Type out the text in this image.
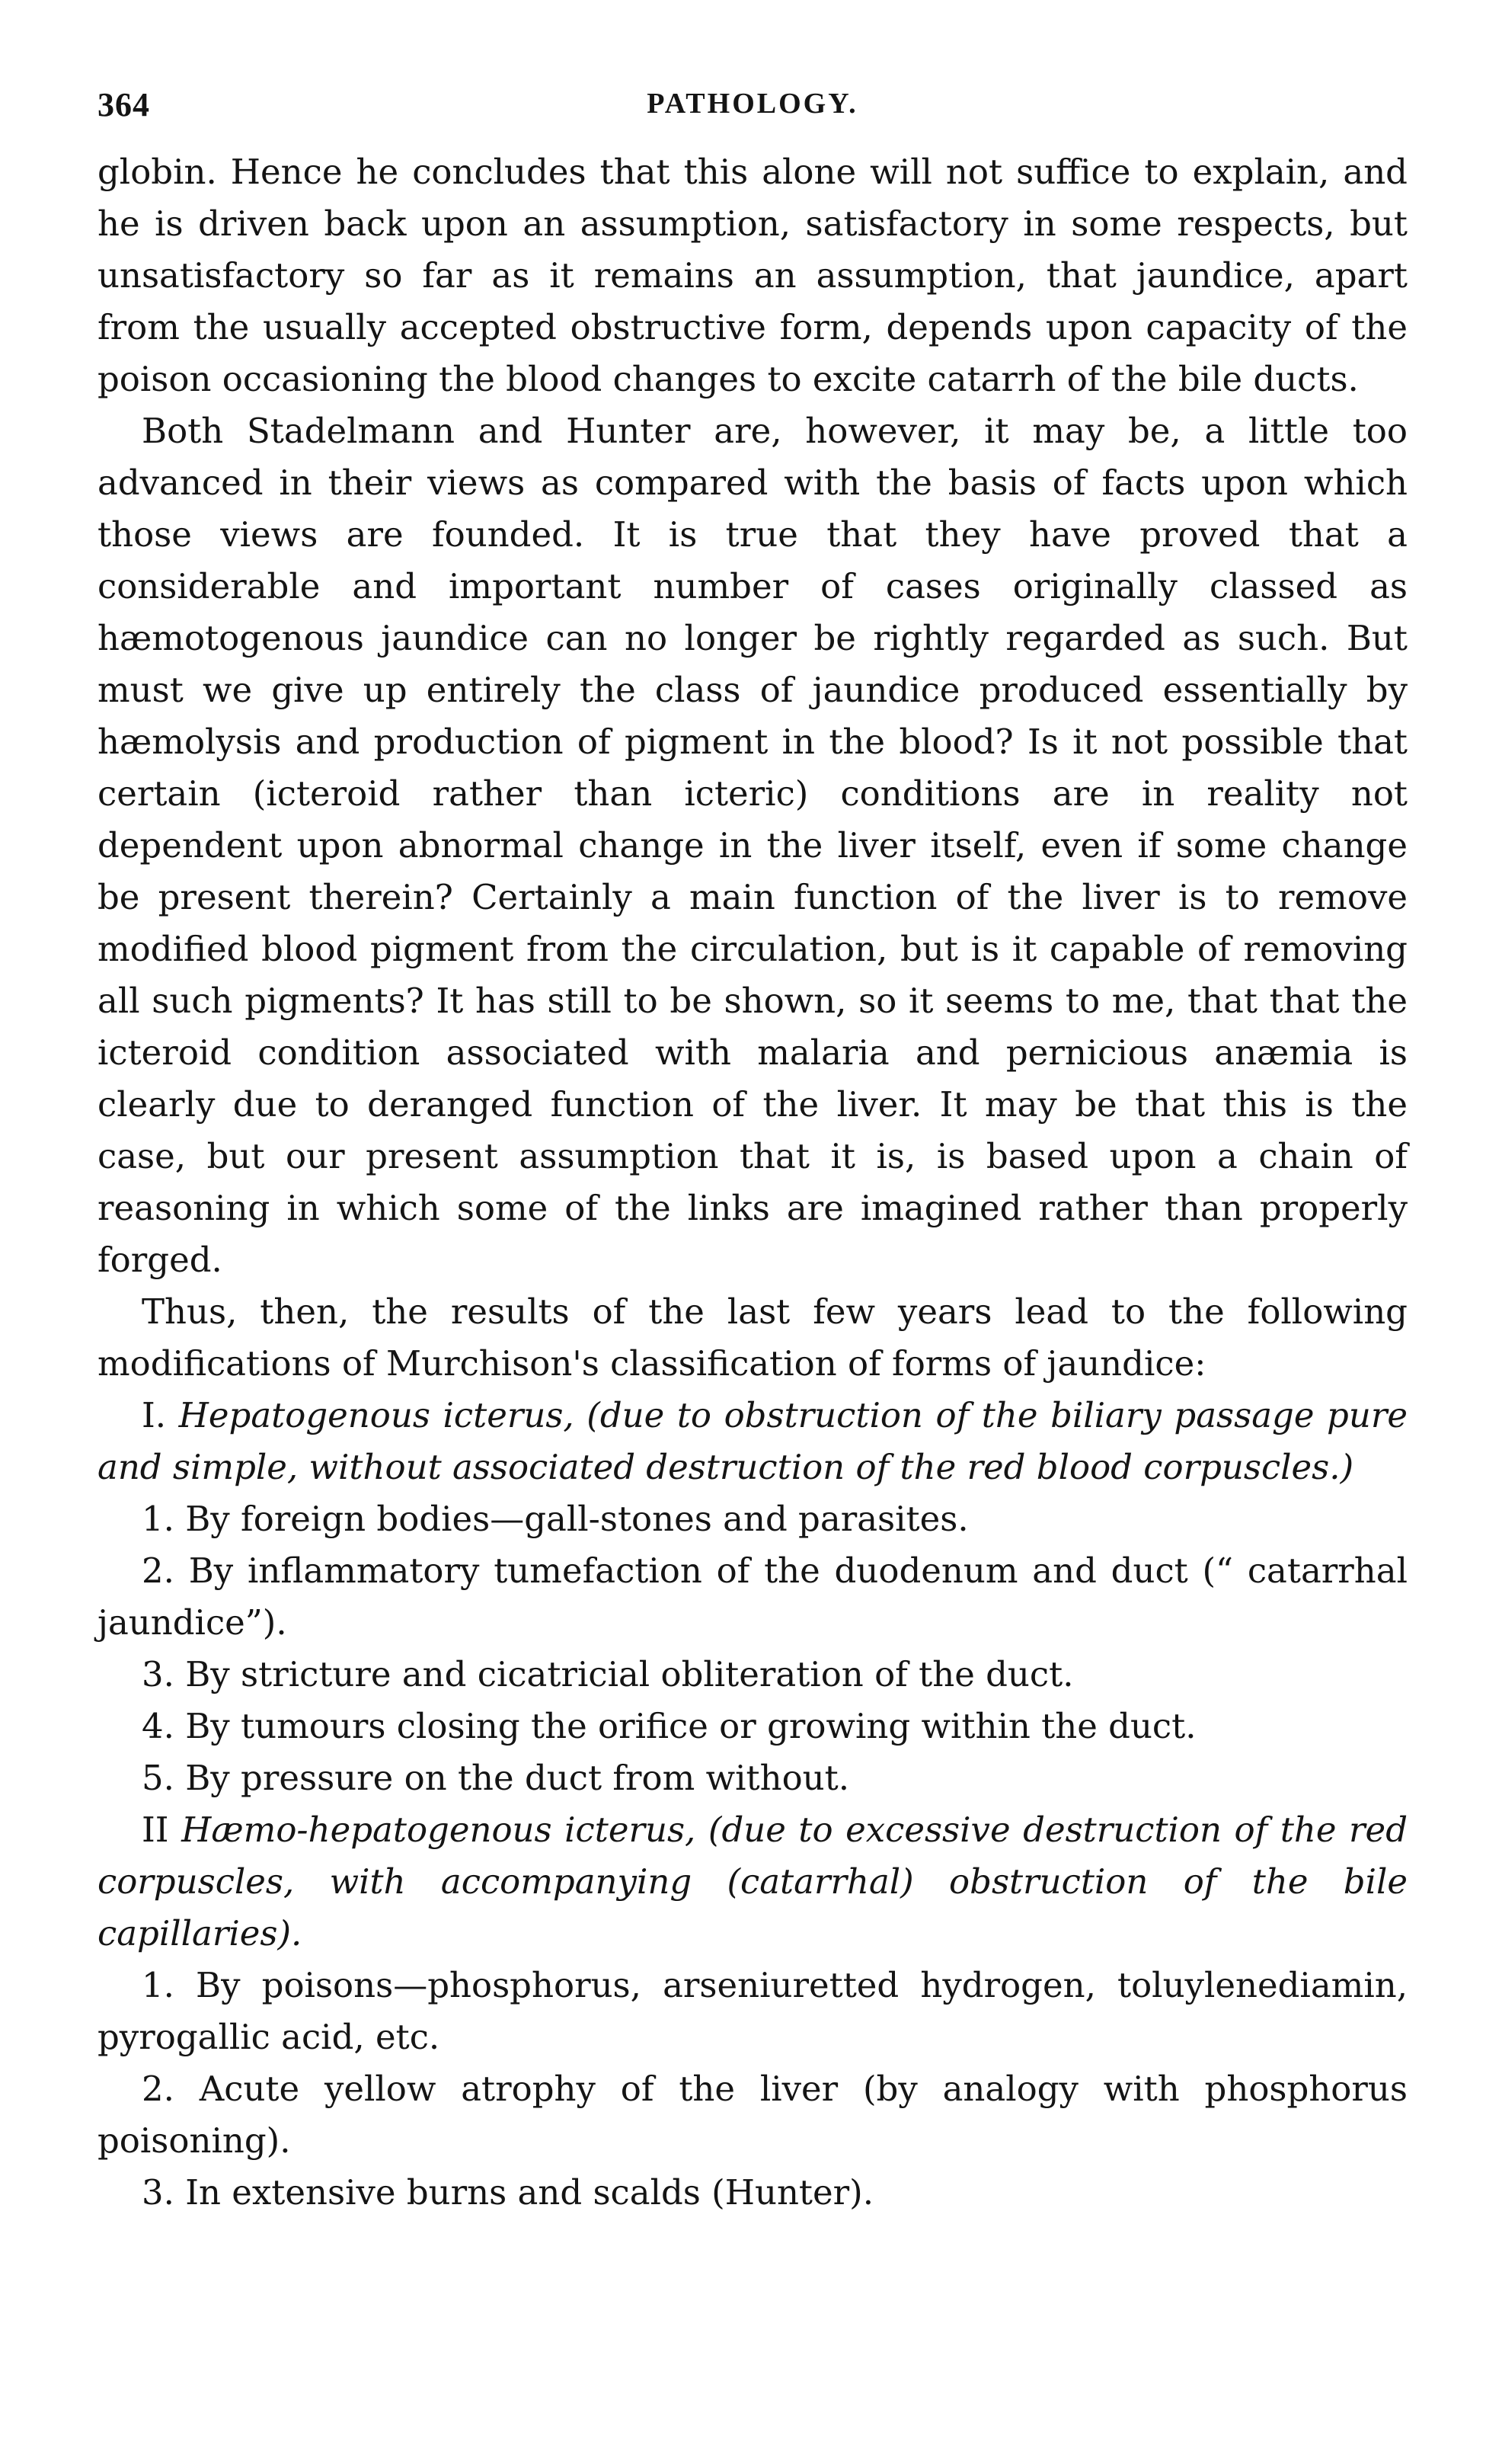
364	PATHOLOGY.

globin. Hence he concludes that this alone will not suffice to explain, and he is driven back upon an assumption, satisfactory in some respects, but unsatisfactory so far as it remains an assumption, that jaundice, apart from the usually accepted obstructive form, depends upon capacity of the poison occasioning the blood changes to excite catarrh of the bile ducts.

Both Stadelmann and Hunter are, however, it may be, a little too advanced in their views as compared with the basis of facts upon which those views are founded. It is true that they have proved that a considerable and important number of cases originally classed as hæmotogenous jaundice can no longer be rightly regarded as such. But must we give up entirely the class of jaundice produced essentially by hæmolysis and production of pigment in the blood? Is it not possible that certain (icteroid rather than icteric) conditions are in reality not dependent upon abnormal change in the liver itself, even if some change be present therein? Certainly a main function of the liver is to remove modified blood pigment from the circulation, but is it capable of removing all such pigments? It has still to be shown, so it seems to me, that that the icteroid condition associated with malaria and pernicious anæmia is clearly due to deranged function of the liver. It may be that this is the case, but our present assumption that it is, is based upon a chain of reasoning in which some of the links are imagined rather than properly forged.

Thus, then, the results of the last few years lead to the following modifications of Murchison's classification of forms of jaundice:

I. Hepatogenous icterus, (due to obstruction of the biliary passage pure and simple, without associated destruction of the red blood corpuscles.)

1. By foreign bodies—gall-stones and parasites.

2. By inflammatory tumefaction of the duodenum and duct (“ catarrhal jaundice”).

3. By stricture and cicatricial obliteration of the duct.

4. By tumours closing the orifice or growing within the duct.

5. By pressure on the duct from without.

II Hæmo-hepatogenous icterus, (due to excessive destruction of the red corpuscles, with accompanying (catarrhal) obstruction of the bile capillaries).

1. By poisons—phosphorus, arseniuretted hydrogen, toluylenediamin, pyrogallic acid, etc.

2. Acute yellow atrophy of the liver (by analogy with phosphorus poisoning).

3. In extensive burns and scalds (Hunter).
